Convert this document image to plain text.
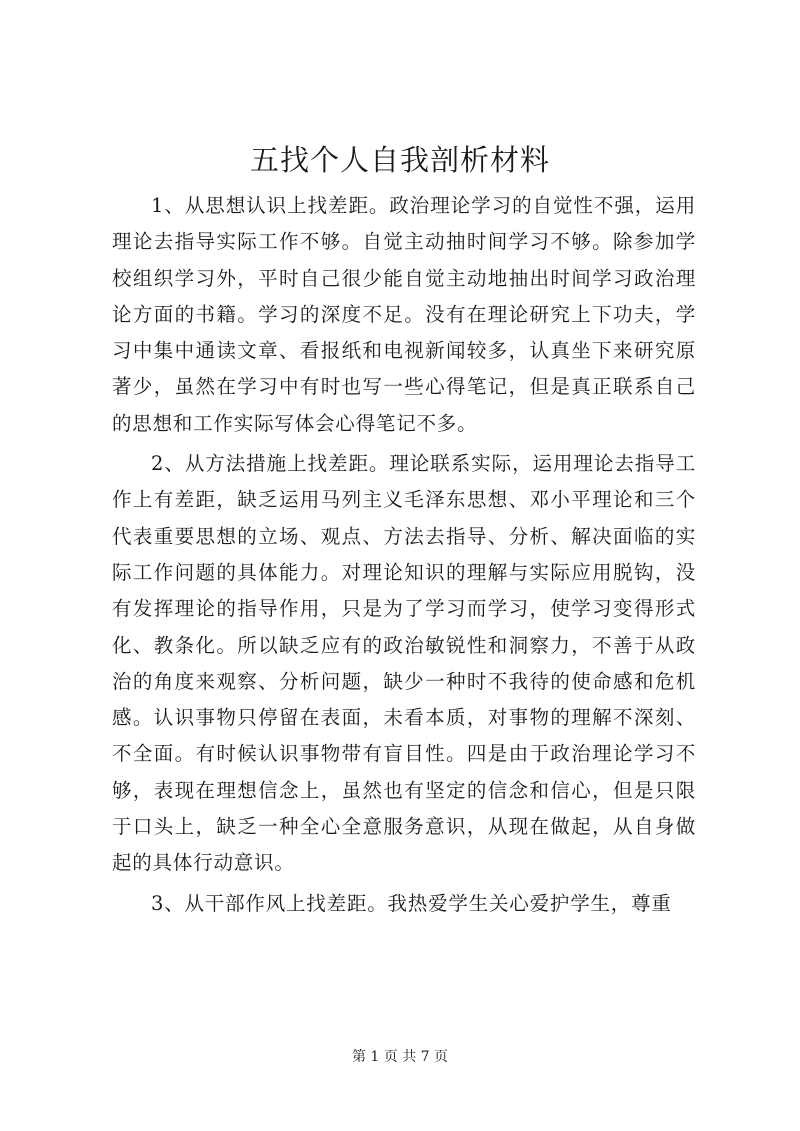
五找个人自我剖析材料

1、从思想认识上找差距。政治理论学习的自觉性不强，运用理论去指导实际工作不够。自觉主动抽时间学习不够。除参加学校组织学习外，平时自己很少能自觉主动地抽出时间学习政治理论方面的书籍。学习的深度不足。没有在理论研究上下功夫，学习中集中通读文章、看报纸和电视新闻较多，认真坐下来研究原著少，虽然在学习中有时也写一些心得笔记，但是真正联系自己的思想和工作实际写体会心得笔记不多。

2、从方法措施上找差距。理论联系实际，运用理论去指导工作上有差距，缺乏运用马列主义毛泽东思想、邓小平理论和三个代表重要思想的立场、观点、方法去指导、分析、解决面临的实际工作问题的具体能力。对理论知识的理解与实际应用脱钩，没有发挥理论的指导作用，只是为了学习而学习，使学习变得形式化、教条化。所以缺乏应有的政治敏锐性和洞察力，不善于从政治的角度来观察、分析问题，缺少一种时不我待的使命感和危机感。认识事物只停留在表面，未看本质，对事物的理解不深刻、不全面。有时候认识事物带有盲目性。四是由于政治理论学习不够，表现在理想信念上，虽然也有坚定的信念和信心，但是只限于口头上，缺乏一种全心全意服务意识，从现在做起，从自身做起的具体行动意识。

3、从干部作风上找差距。我热爱学生关心爱护学生，尊重

第 1 页 共 7 页
